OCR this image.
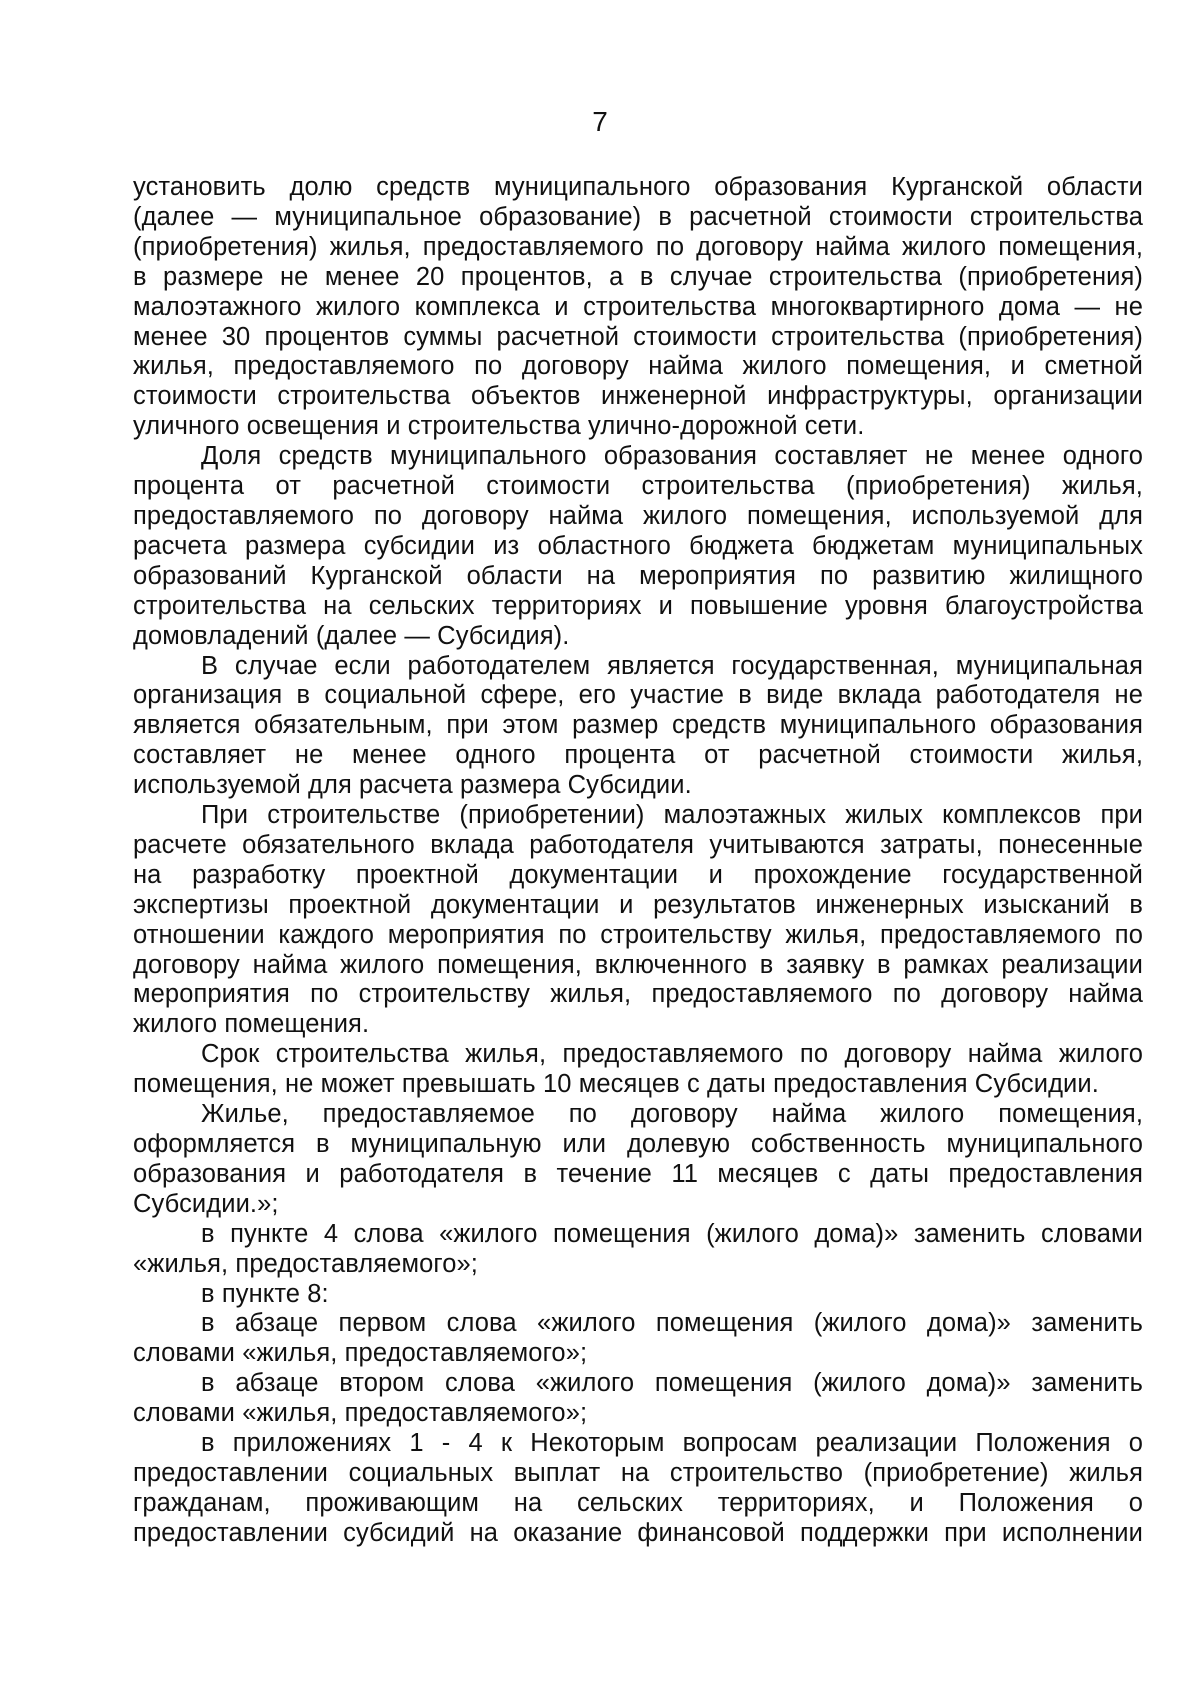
7
установить долю средств муниципального образования Курганской области
(далее — муниципальное образование) в расчетной стоимости строительства
(приобретения) жилья, предоставляемого по договору найма жилого помещения,
в размере не менее 20 процентов, а в случае строительства (приобретения)
малоэтажного жилого комплекса и строительства многоквартирного дома — не
менее 30 процентов суммы расчетной стоимости строительства (приобретения)
жилья, предоставляемого по договору найма жилого помещения, и сметной
стоимости строительства объектов инженерной инфраструктуры, организации
уличного освещения и строительства улично-дорожной сети.
Доля средств муниципального образования составляет не менее одного
процента от расчетной стоимости строительства (приобретения) жилья,
предоставляемого по договору найма жилого помещения, используемой для
расчета размера субсидии из областного бюджета бюджетам муниципальных
образований Курганской области на мероприятия по развитию жилищного
строительства на сельских территориях и повышение уровня благоустройства
домовладений (далее — Субсидия).
В случае если работодателем является государственная, муниципальная
организация в социальной сфере, его участие в виде вклада работодателя не
является обязательным, при этом размер средств муниципального образования
составляет не менее одного процента от расчетной стоимости жилья,
используемой для расчета размера Субсидии.
При строительстве (приобретении) малоэтажных жилых комплексов при
расчете обязательного вклада работодателя учитываются затраты, понесенные
на разработку проектной документации и прохождение государственной
экспертизы проектной документации и результатов инженерных изысканий в
отношении каждого мероприятия по строительству жилья, предоставляемого по
договору найма жилого помещения, включенного в заявку в рамках реализации
мероприятия по строительству жилья, предоставляемого по договору найма
жилого помещения.
Срок строительства жилья, предоставляемого по договору найма жилого
помещения, не может превышать 10 месяцев с даты предоставления Субсидии.
Жилье, предоставляемое по договору найма жилого помещения,
оформляется в муниципальную или долевую собственность муниципального
образования и работодателя в течение 11 месяцев с даты предоставления
Субсидии.»;
в пункте 4 слова «жилого помещения (жилого дома)» заменить словами
«жилья, предоставляемого»;
в пункте 8:
в абзаце первом слова «жилого помещения (жилого дома)» заменить
словами «жилья, предоставляемого»;
в абзаце втором слова «жилого помещения (жилого дома)» заменить
словами «жилья, предоставляемого»;
в приложениях 1 - 4 к Некоторым вопросам реализации Положения о
предоставлении социальных выплат на строительство (приобретение) жилья
гражданам, проживающим на сельских территориях, и Положения о
предоставлении субсидий на оказание финансовой поддержки при исполнении
